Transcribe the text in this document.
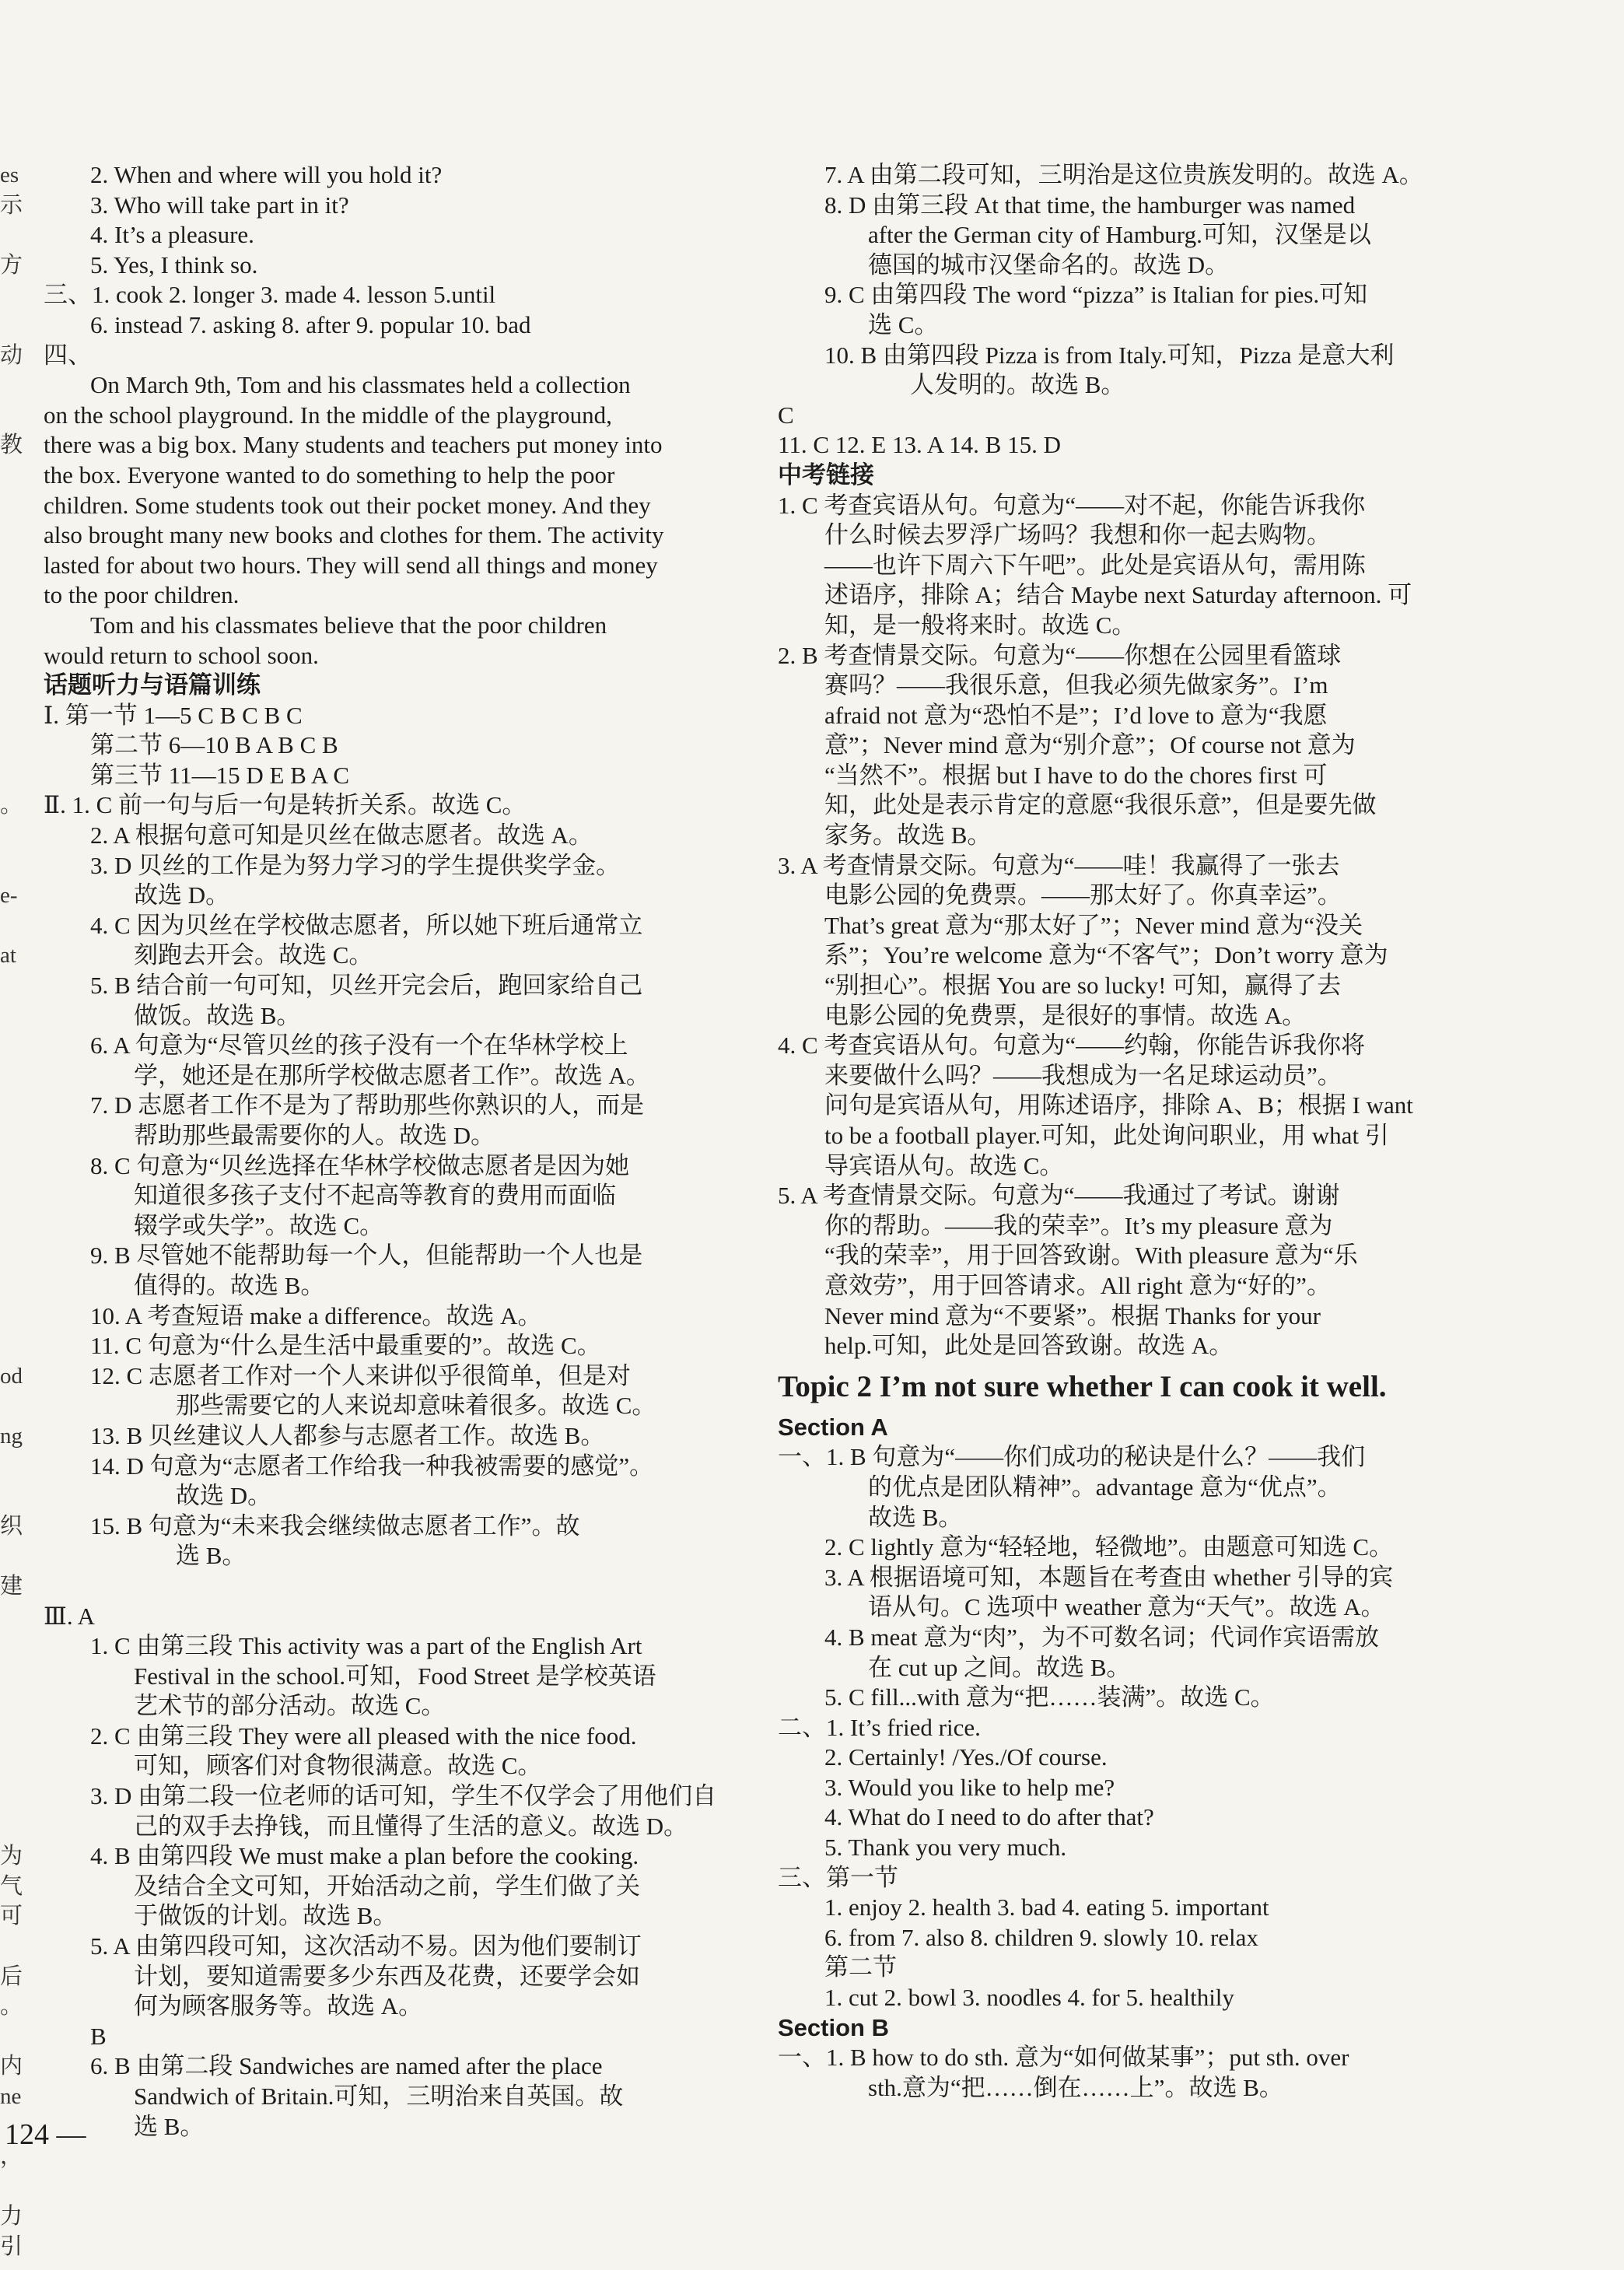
es
示
方
动
教
。
e-
at
od
ng
织
建
为
气
可
后
。
内
ne
，
力
引
2. When and where will you hold it?
3. Who will take part in it?
4. It’s a pleasure.
5. Yes, I think so.
三、1. cook 2. longer 3. made 4. lesson 5.until
6. instead 7. asking 8. after 9. popular 10. bad
四、
On March 9th, Tom and his classmates held a collection
on the school playground. In the middle of the playground,
there was a big box. Many students and teachers put money into
the box. Everyone wanted to do something to help the poor
children. Some students took out their pocket money. And they
also brought many new books and clothes for them. The activity
lasted for about two hours. They will send all things and money
to the poor children.
Tom and his classmates believe that the poor children
would return to school soon.
话题听力与语篇训练
Ⅰ. 第一节 1—5 C B C B C
第二节 6—10 B A B C B
第三节 11—15 D E B A C
Ⅱ. 1. C 前一句与后一句是转折关系。故选 C。
2. A 根据句意可知是贝丝在做志愿者。故选 A。
3. D 贝丝的工作是为努力学习的学生提供奖学金。
故选 D。
4. C 因为贝丝在学校做志愿者，所以她下班后通常立
刻跑去开会。故选 C。
5. B 结合前一句可知，贝丝开完会后，跑回家给自己
做饭。故选 B。
6. A 句意为“尽管贝丝的孩子没有一个在华林学校上
学，她还是在那所学校做志愿者工作”。故选 A。
7. D 志愿者工作不是为了帮助那些你熟识的人，而是
帮助那些最需要你的人。故选 D。
8. C 句意为“贝丝选择在华林学校做志愿者是因为她
知道很多孩子支付不起高等教育的费用而面临
辍学或失学”。故选 C。
9. B 尽管她不能帮助每一个人，但能帮助一个人也是
值得的。故选 B。
10. A 考查短语 make a difference。故选 A。
11. C 句意为“什么是生活中最重要的”。故选 C。
12. C 志愿者工作对一个人来讲似乎很简单，但是对
那些需要它的人来说却意味着很多。故选 C。
13. B 贝丝建议人人都参与志愿者工作。故选 B。
14. D 句意为“志愿者工作给我一种我被需要的感觉”。
故选 D。
15. B 句意为“未来我会继续做志愿者工作”。故
选 B。
Ⅲ. A
1. C 由第三段 This activity was a part of the English Art
Festival in the school.可知，Food Street 是学校英语
艺术节的部分活动。故选 C。
2. C 由第三段 They were all pleased with the nice food.
可知，顾客们对食物很满意。故选 C。
3. D 由第二段一位老师的话可知，学生不仅学会了用他们自
己的双手去挣钱，而且懂得了生活的意义。故选 D。
4. B 由第四段 We must make a plan before the cooking.
及结合全文可知，开始活动之前，学生们做了关
于做饭的计划。故选 B。
5. A 由第四段可知，这次活动不易。因为他们要制订
计划，要知道需要多少东西及花费，还要学会如
何为顾客服务等。故选 A。
B
6. B 由第二段 Sandwiches are named after the place
Sandwich of Britain.可知，三明治来自英国。故
选 B。
7. A 由第二段可知，三明治是这位贵族发明的。故选 A。
8. D 由第三段 At that time, the hamburger was named
after the German city of Hamburg.可知，汉堡是以
德国的城市汉堡命名的。故选 D。
9. C 由第四段 The word “pizza” is Italian for pies.可知
选 C。
10. B 由第四段 Pizza is from Italy.可知，Pizza 是意大利
人发明的。故选 B。
C
11. C 12. E 13. A 14. B 15. D
中考链接
1. C 考查宾语从句。句意为“——对不起，你能告诉我你
什么时候去罗浮广场吗？我想和你一起去购物。
——也许下周六下午吧”。此处是宾语从句，需用陈
述语序，排除 A；结合 Maybe next Saturday afternoon. 可
知，是一般将来时。故选 C。
2. B 考查情景交际。句意为“——你想在公园里看篮球
赛吗？——我很乐意，但我必须先做家务”。I’m
afraid not 意为“恐怕不是”；I’d love to 意为“我愿
意”；Never mind 意为“别介意”；Of course not 意为
“当然不”。根据 but I have to do the chores first 可
知，此处是表示肯定的意愿“我很乐意”，但是要先做
家务。故选 B。
3. A 考查情景交际。句意为“——哇！我赢得了一张去
电影公园的免费票。——那太好了。你真幸运”。
That’s great 意为“那太好了”；Never mind 意为“没关
系”；You’re welcome 意为“不客气”；Don’t worry 意为
“别担心”。根据 You are so lucky! 可知，赢得了去
电影公园的免费票，是很好的事情。故选 A。
4. C 考查宾语从句。句意为“——约翰，你能告诉我你将
来要做什么吗？——我想成为一名足球运动员”。
问句是宾语从句，用陈述语序，排除 A、B；根据 I want
to be a football player.可知，此处询问职业，用 what 引
导宾语从句。故选 C。
5. A 考查情景交际。句意为“——我通过了考试。谢谢
你的帮助。——我的荣幸”。It’s my pleasure 意为
“我的荣幸”，用于回答致谢。With pleasure 意为“乐
意效劳”，用于回答请求。All right 意为“好的”。
Never mind 意为“不要紧”。根据 Thanks for your
help.可知，此处是回答致谢。故选 A。
Topic 2 I’m not sure whether I can cook it well.
Section A
一、1. B 句意为“——你们成功的秘诀是什么？——我们
的优点是团队精神”。advantage 意为“优点”。
故选 B。
2. C lightly 意为“轻轻地，轻微地”。由题意可知选 C。
3. A 根据语境可知，本题旨在考查由 whether 引导的宾
语从句。C 选项中 weather 意为“天气”。故选 A。
4. B meat 意为“肉”，为不可数名词；代词作宾语需放
在 cut up 之间。故选 B。
5. C fill...with 意为“把……装满”。故选 C。
二、1. It’s fried rice.
2. Certainly! /Yes./Of course.
3. Would you like to help me?
4. What do I need to do after that?
5. Thank you very much.
三、第一节
1. enjoy 2. health 3. bad 4. eating 5. important
6. from 7. also 8. children 9. slowly 10. relax
第二节
1. cut 2. bowl 3. noodles 4. for 5. healthily
Section B
一、1. B how to do sth. 意为“如何做某事”；put sth. over
sth.意为“把……倒在……上”。故选 B。
124 —
